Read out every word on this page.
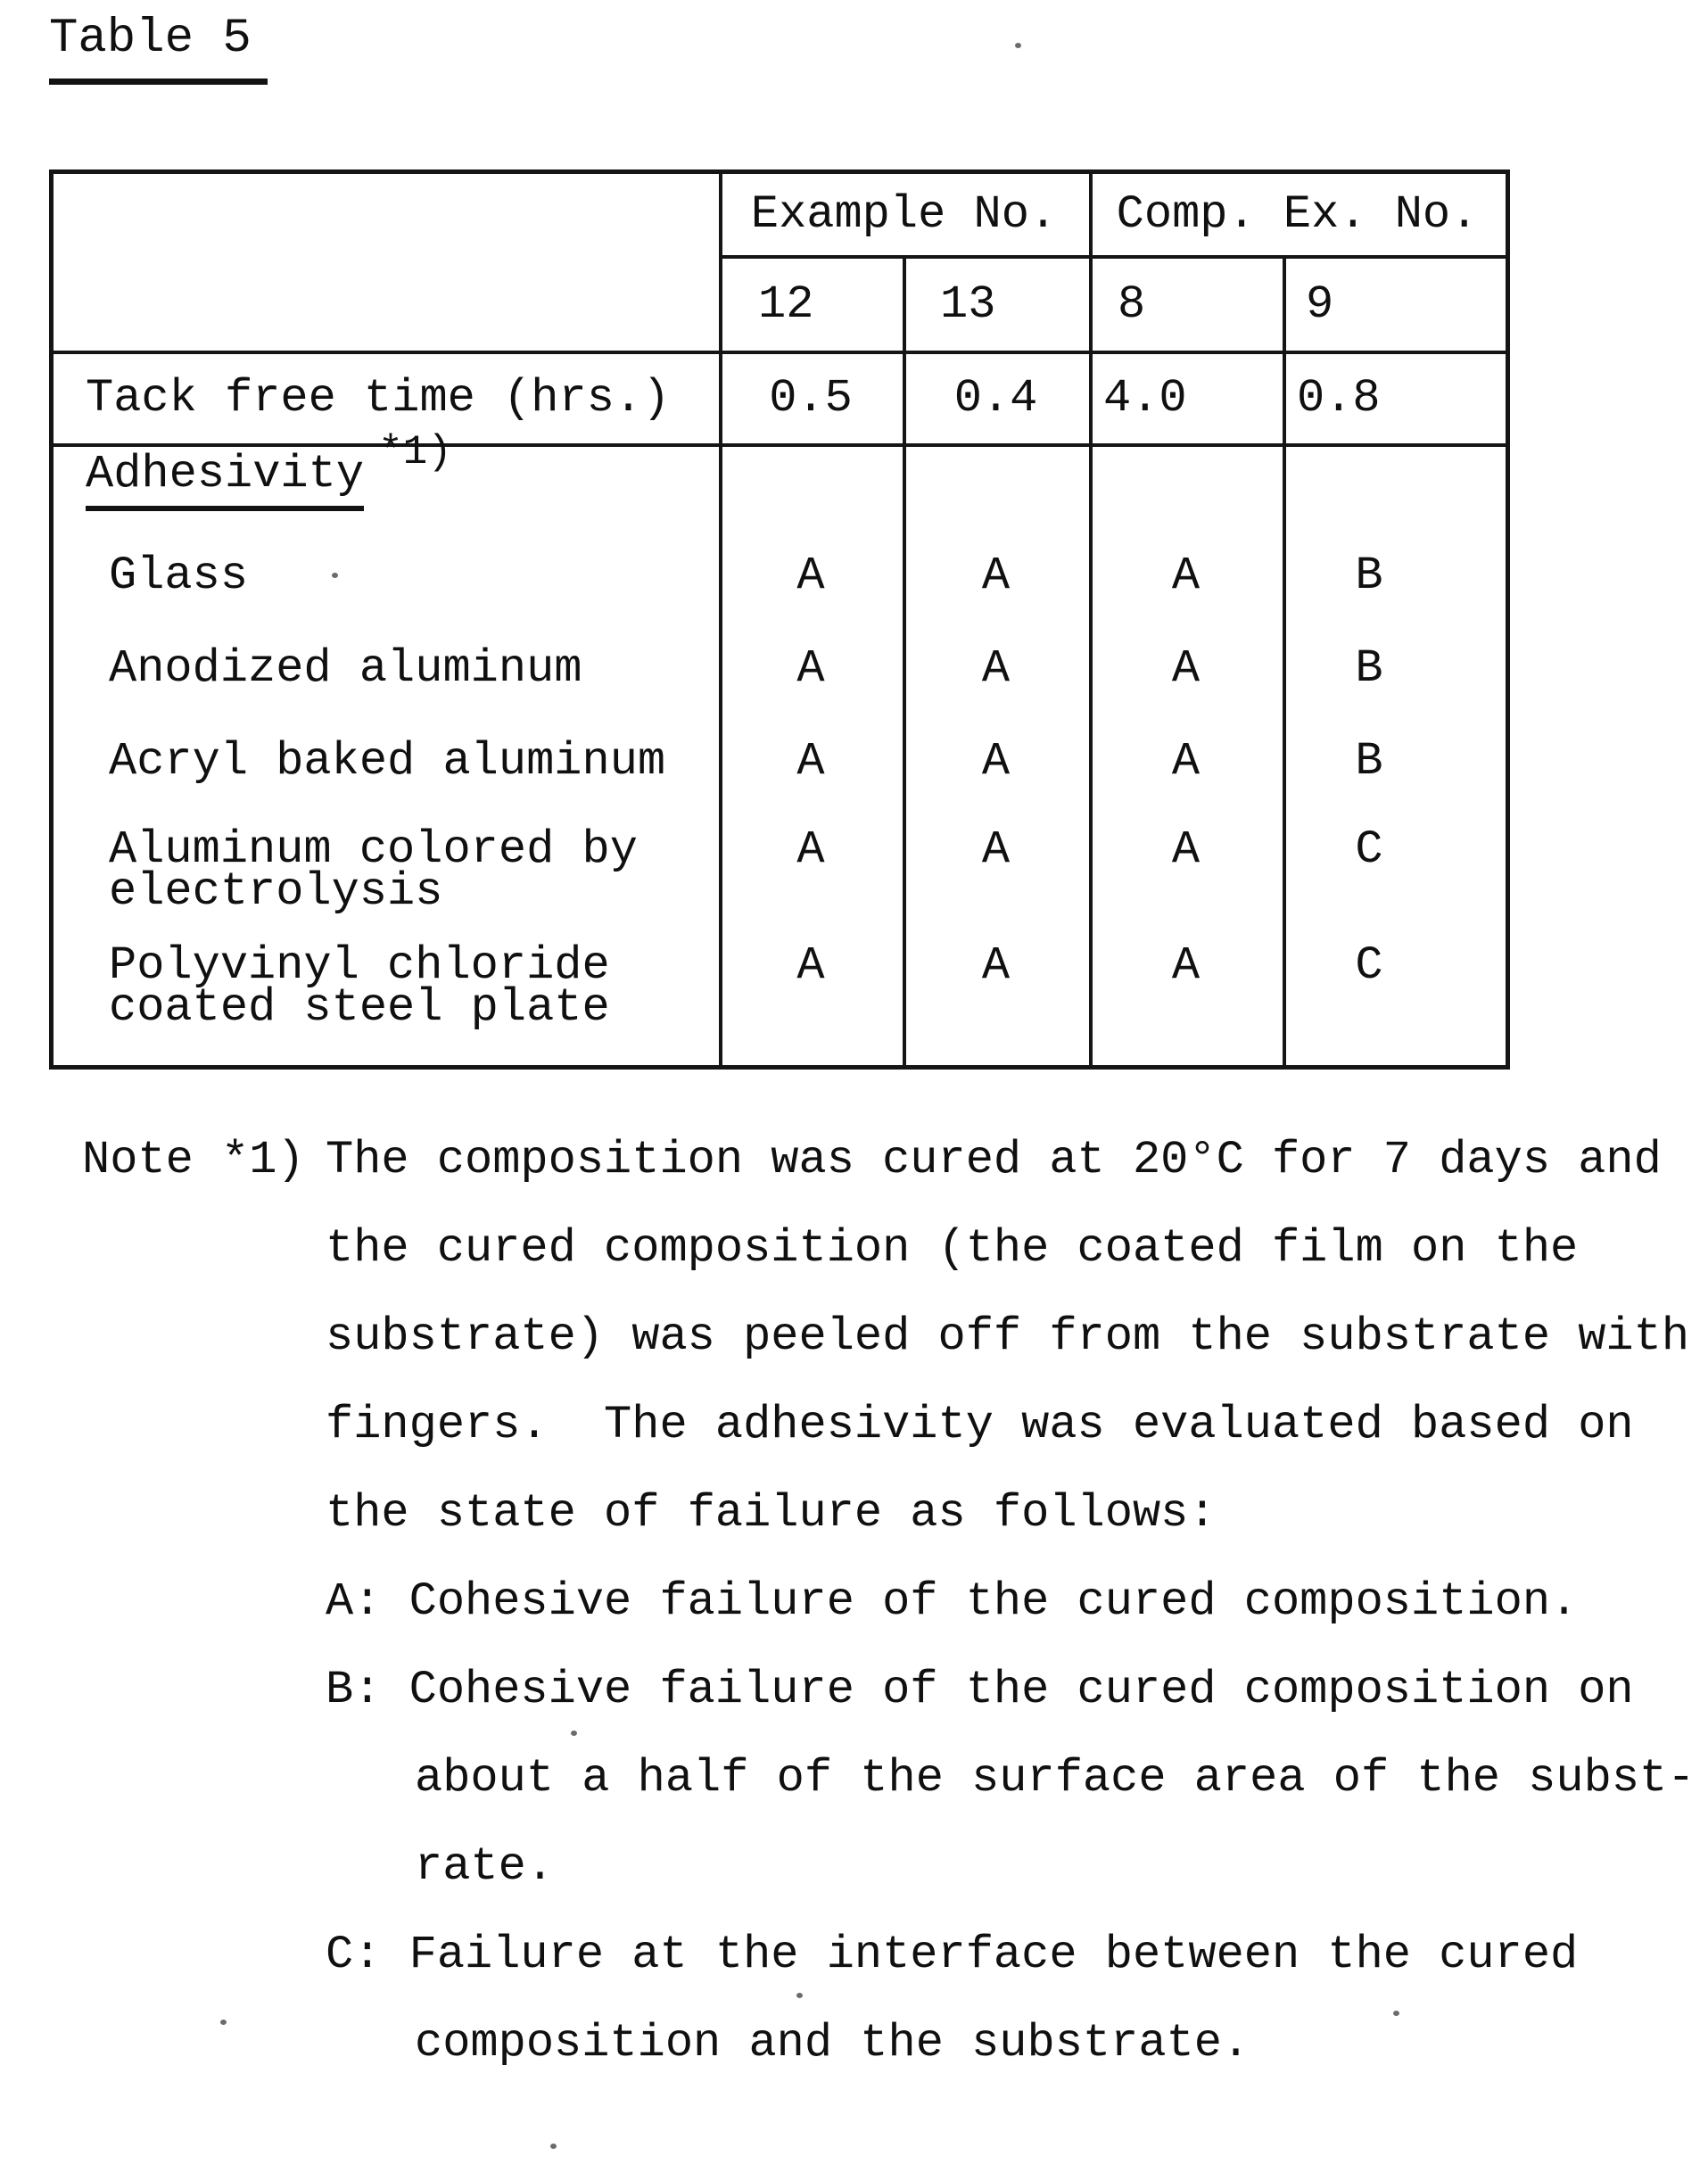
Table 5
Example No.	Comp. Ex. No.
12	13	8	9
Tack free time (hrs.)	0.5	0.4	4.0	0.8
Adhesivity *1)
Glass	A	A	A	B
Anodized aluminum	A	A	A	B
Acryl baked aluminum	A	A	A	B
Aluminum colored by
electrolysis
A	A	A	C
Polyvinyl chloride
coated steel plate
A	A	A	C
Note *1) The composition was cured at 20°C for 7 days and
the cured composition (the coated film on the
substrate) was peeled off from the substrate with
fingers.  The adhesivity was evaluated based on
the state of failure as follows:
A: Cohesive failure of the cured composition.
B: Cohesive failure of the cured composition on
about a half of the surface area of the subst-
rate.
C: Failure at the interface between the cured
composition and the substrate.
